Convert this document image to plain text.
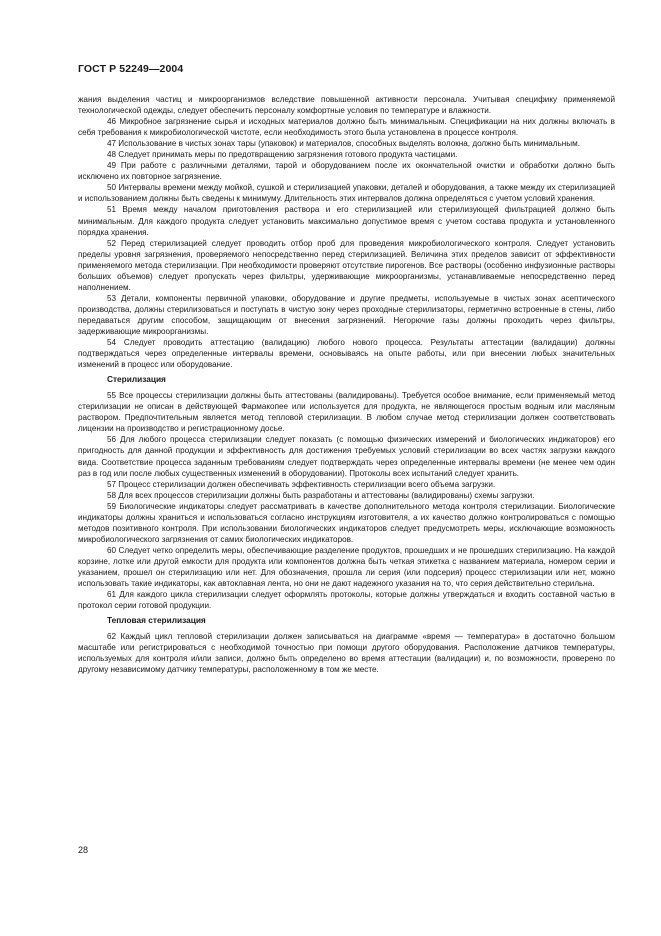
ГОСТ Р 52249—2004

жания выделения частиц и микроорганизмов вследствие повышенной активности персонала. Учитывая специфику применяемой технологической одежды, следует обеспечить персоналу комфортные условия по температуре и влажности.

46 Микробное загрязнение сырья и исходных материалов должно быть минимальным. Спецификации на них должны включать в себя требования к микробиологической чистоте, если необходимость этого была установлена в процессе контроля.

47 Использование в чистых зонах тары (упаковок) и материалов, способных выделять волокна, должно быть минимальным.

48 Следует принимать меры по предотвращению загрязнения готового продукта частицами.

49 При работе с различными деталями, тарой и оборудованием после их окончательной очистки и обработки должно быть исключено их повторное загрязнение.

50 Интервалы времени между мойкой, сушкой и стерилизацией упаковки, деталей и оборудования, а также между их стерилизацией и использованием должны быть сведены к минимуму. Длительность этих интервалов должна определяться с учетом условий хранения.

51 Время между началом приготовления раствора и его стерилизацией или стерилизующей фильтрацией должно быть минимальным. Для каждого продукта следует установить максимально допустимое время с учетом состава продукта и установленного порядка хранения.

52 Перед стерилизацией следует проводить отбор проб для проведения микробиологического контроля. Следует установить пределы уровня загрязнения, проверяемого непосредственно перед стерилизацией. Величина этих пределов зависит от эффективности применяемого метода стерилизации. При необходимости проверяют отсутствие пирогенов. Все растворы (особенно инфузионные растворы больших объемов) следует пропускать через фильтры, удерживающие микроорганизмы, устанавливаемые непосредственно перед наполнением.

53 Детали, компоненты первичной упаковки, оборудование и другие предметы, используемые в чистых зонах асептического производства, должны стерилизоваться и поступать в чистую зону через проходные стерилизаторы, герметично встроенные в стены, либо передаваться другим способом, защищающим от внесения загрязнений. Негорючие газы должны проходить через фильтры, задерживающие микроорганизмы.

54 Следует проводить аттестацию (валидацию) любого нового процесса. Результаты аттестации (валидации) должны подтверждаться через определенные интервалы времени, основываясь на опыте работы, или при внесении любых значительных изменений в процесс или оборудование.

Стерилизация

55 Все процессы стерилизации должны быть аттестованы (валидированы). Требуется особое внимание, если применяемый метод стерилизации не описан в действующей Фармакопее или используется для продукта, не являющегося простым водным или масляным раствором. Предпочтительным является метод тепловой стерилизации. В любом случае метод стерилизации должен соответствовать лицензии на производство и регистрационному досье.

56 Для любого процесса стерилизации следует показать (с помощью физических измерений и биологических индикаторов) его пригодность для данной продукции и эффективность для достижения требуемых условий стерилизации во всех частях загрузки каждого вида. Соответствие процесса заданным требованиям следует подтверждать через определенные интервалы времени (не менее чем один раз в год или после любых существенных изменений в оборудовании). Протоколы всех испытаний следует хранить.

57 Процесс стерилизации должен обеспечивать эффективность стерилизации всего объема загрузки.

58 Для всех процессов стерилизации должны быть разработаны и аттестованы (валидированы) схемы загрузки.

59 Биологические индикаторы следует рассматривать в качестве дополнительного метода контроля стерилизации. Биологические индикаторы должны храниться и использоваться согласно инструкциям изготовителя, а их качество должно контролироваться с помощью методов позитивного контроля. При использовании биологических индикаторов следует предусмотреть меры, исключающие возможность микробиологического загрязнения от самих биологических индикаторов.

60 Следует четко определить меры, обеспечивающие разделение продуктов, прошедших и не прошедших стерилизацию. На каждой корзине, лотке или другой емкости для продукта или компонентов должна быть четкая этикетка с названием материала, номером серии и указанием, прошел он стерилизацию или нет. Для обозначения, прошла ли серия (или подсерия) процесс стерилизации или нет, можно использовать такие индикаторы, как автоклавная лента, но они не дают надежного указания на то, что серия действительно стерильна.

61 Для каждого цикла стерилизации следует оформлять протоколы, которые должны утверждаться и входить составной частью в протокол серии готовой продукции.

Тепловая стерилизация

62 Каждый цикл тепловой стерилизации должен записываться на диаграмме «время — температура» в достаточно большом масштабе или регистрироваться с необходимой точностью при помощи другого оборудования. Расположение датчиков температуры, используемых для контроля и/или записи, должно быть определено во время аттестации (валидации) и, по возможности, проверено по другому независимому датчику температуры, расположенному в том же месте.

28
